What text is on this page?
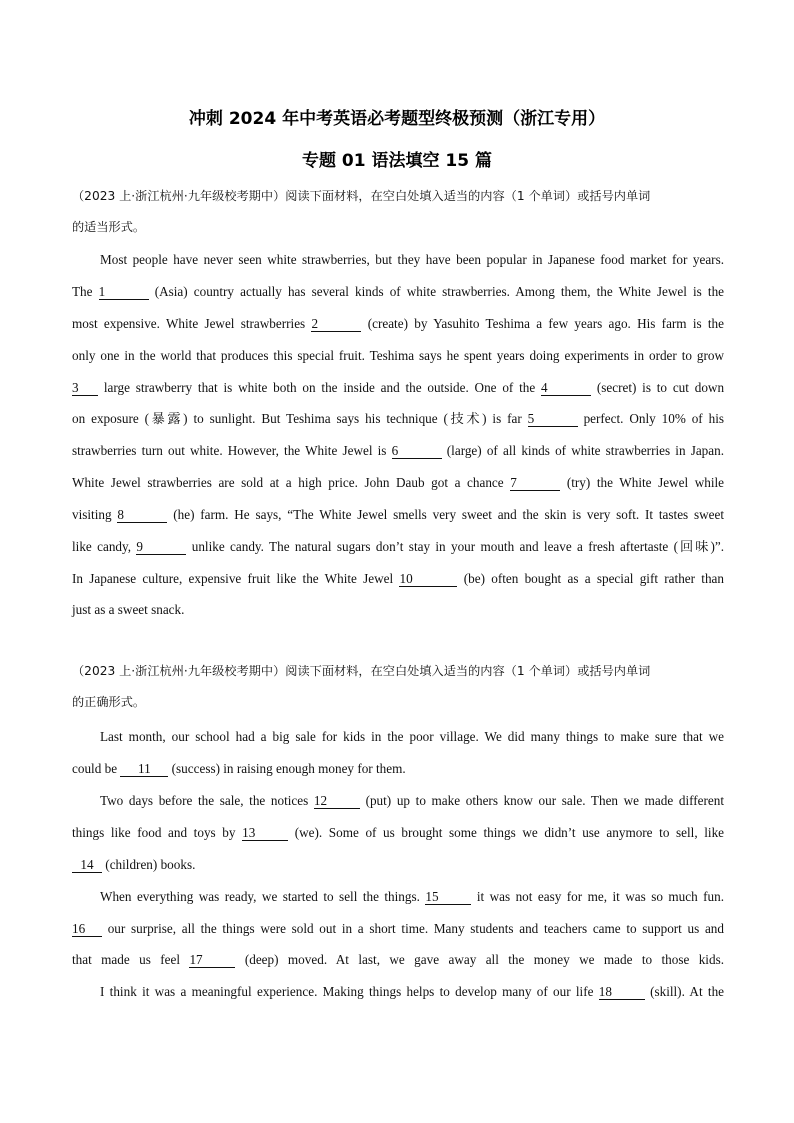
冲刺 2024 年中考英语必考题型终极预测（浙江专用）
专题 01 语法填空 15 篇
（2023 上·浙江杭州·九年级校考期中）阅读下面材料，在空白处填入适当的内容（1 个单词）或括号内单词
的适当形式。
Most people have never seen white strawberries, but they have been popular in Japanese food market for years.
The 1	(Asia) country actually has several kinds of white strawberries. Among them, the White Jewel is the
most expensive. White Jewel strawberries 2	(create) by Yasuhito Teshima a few years ago. His farm is the
only one in the world that produces this special fruit. Teshima says he spent years doing experiments in order to grow
3 large strawberry that is white both on the inside and the outside. One of the 4	(secret) is to cut down
on exposure (暴露) to sunlight. But Teshima says his technique (技术) is far 5	perfect. Only 10% of his
strawberries turn out white. However, the White Jewel is 6	(large) of all kinds of white strawberries in Japan.
White Jewel strawberries are sold at a high price. John Daub got a chance 7	(try) the White Jewel while
visiting 8	(he) farm. He says, “The White Jewel smells very sweet and the skin is very soft. It tastes sweet
like candy, 9	unlike candy. The natural sugars don’t stay in your mouth and leave a fresh aftertaste (回味)”.
In Japanese culture, expensive fruit like the White Jewel 10	(be) often bought as a special gift rather than
just as a sweet snack.
（2023 上·浙江杭州·九年级校考期中）阅读下面材料，在空白处填入适当的内容（1 个单词）或括号内单词
的正确形式。
Last month, our school had a big sale for kids in the poor village. We did many things to make sure that we
could be 11 (success) in raising enough money for them.
Two days before the sale, the notices 12	(put) up to make others know our sale. Then we made different
things like food and toys by 13	(we). Some of us brought some things we didn’t use anymore to sell, like
14 (children) books.
When everything was ready, we started to sell the things. 15	it was not easy for me, it was so much fun.
16 our surprise, all the things were sold out in a short time. Many students and teachers came to support us and
that made us feel 17	(deep) moved. At last, we gave away all the money we made to those kids.
I think it was a meaningful experience. Making things helps to develop many of our life 18	(skill). At the
